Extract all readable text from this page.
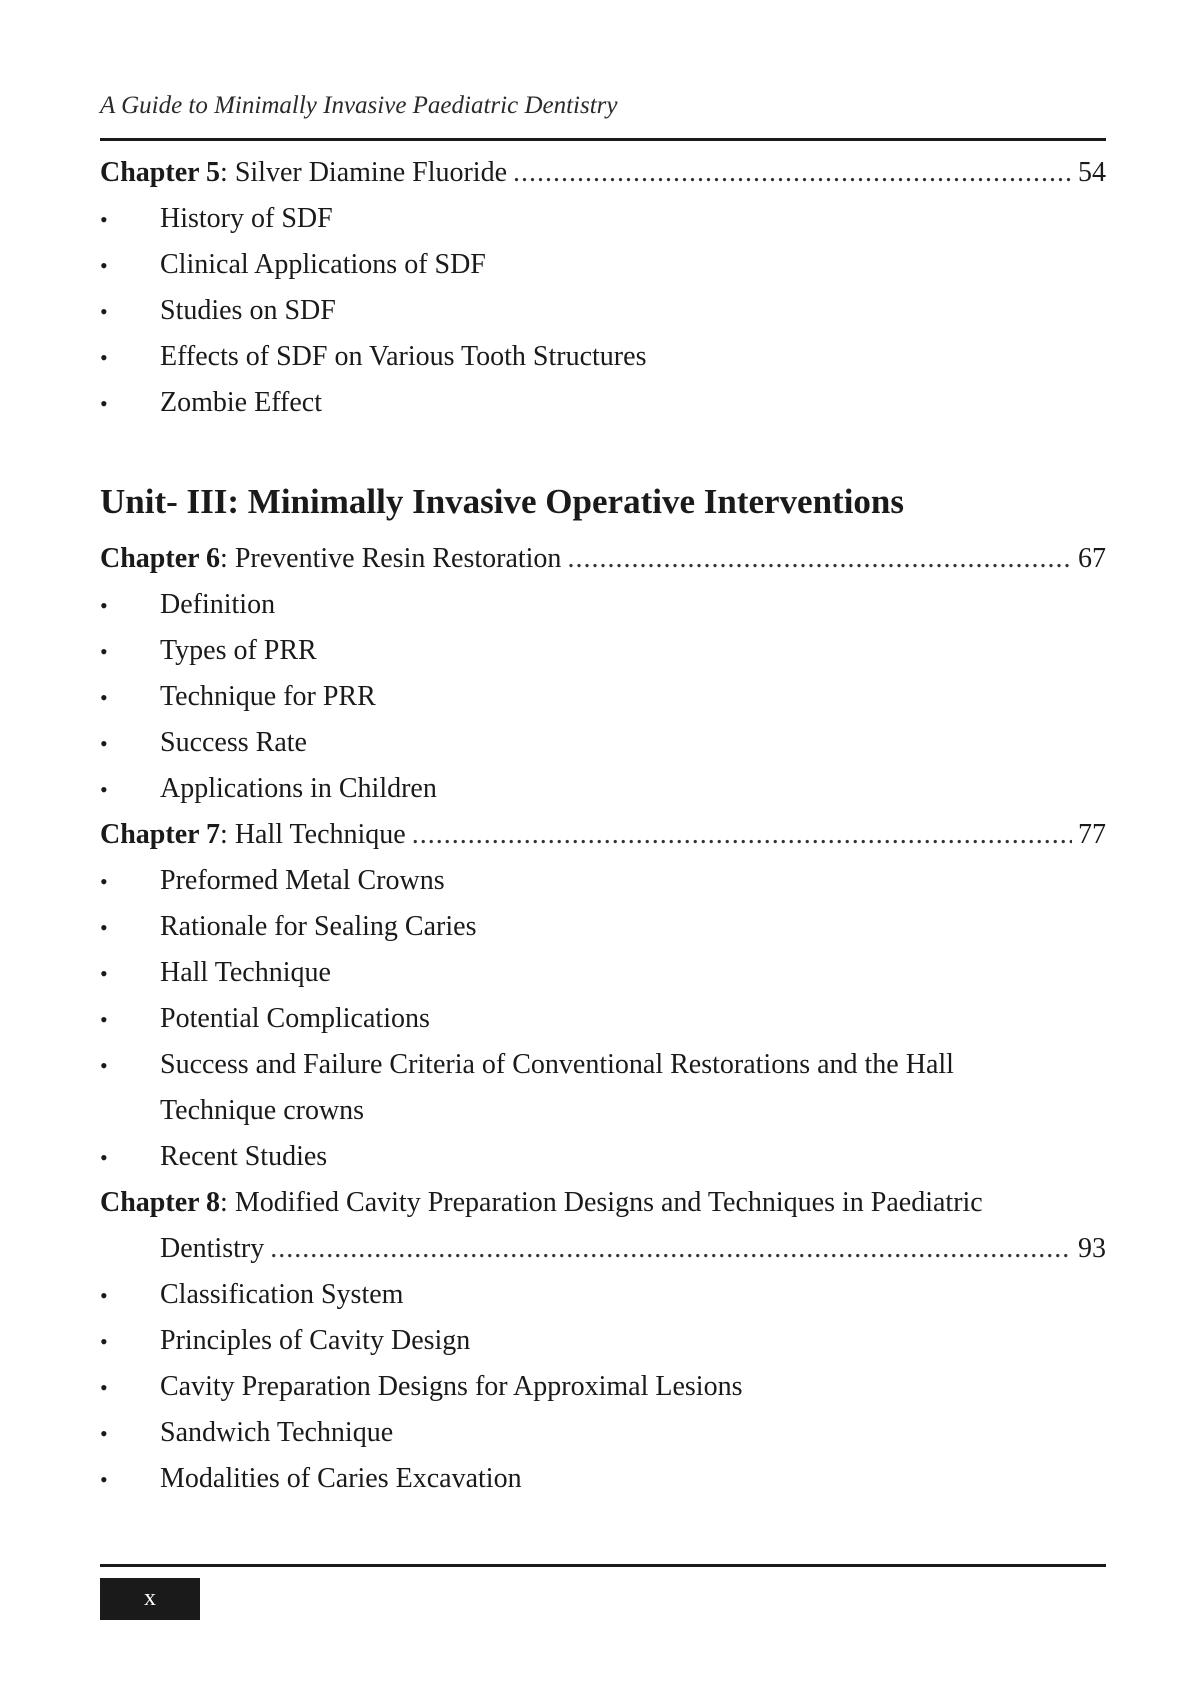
A Guide to Minimally Invasive Paediatric Dentistry
Chapter 5 : Silver Diamine Fluoride . . .	54
•	History of SDF
•	Clinical Applications of SDF
•	Studies on SDF
•	Effects of SDF on Various Tooth Structures
•	Zombie Effect
Unit- III: Minimally Invasive Operative Interventions
Chapter 6 : Preventive Resin Restoration . . .	67
•	Definition
•	Types of PRR
•	Technique for PRR
•	Success Rate
•	Applications in Children
Chapter 7 : Hall Technique . . .	77
•	Preformed Metal Crowns
•	Rationale for Sealing Caries
•	Hall Technique
•	Potential Complications
•	Success and Failure Criteria of Conventional Restorations and the Hall Technique crowns
•	Recent Studies
Chapter 8 : Modified Cavity Preparation Designs and Techniques in Paediatric
Dentistry . . .	93
•	Classification System
•	Principles of Cavity Design
•	Cavity Preparation Designs for Approximal Lesions
•	Sandwich Technique
•	Modalities of Caries Excavation
x
